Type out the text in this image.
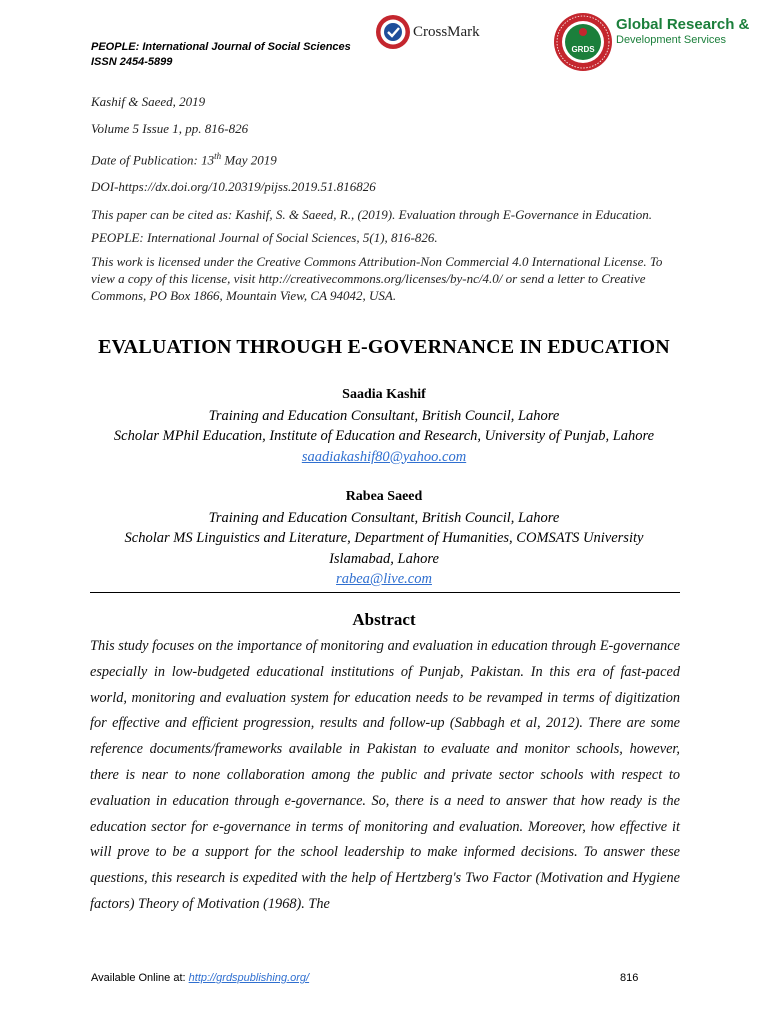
PEOPLE: International Journal of Social Sciences
ISSN 2454-5899
CrossMark
GRDS
Global Research &
Development Services
Kashif & Saeed, 2019
Volume 5 Issue 1, pp. 816-826
Date of Publication: 13th May 2019
DOI-https://dx.doi.org/10.20319/pijss.2019.51.816826
This paper can be cited as: Kashif, S. & Saeed, R., (2019). Evaluation through E-Governance in Education. PEOPLE: International Journal of Social Sciences, 5(1), 816-826.
This work is licensed under the Creative Commons Attribution-Non Commercial 4.0 International License. To view a copy of this license, visit http://creativecommons.org/licenses/by-nc/4.0/ or send a letter to Creative Commons, PO Box 1866, Mountain View, CA 94042, USA.
EVALUATION THROUGH E-GOVERNANCE IN EDUCATION
Saadia Kashif
Training and Education Consultant, British Council, Lahore
Scholar MPhil Education, Institute of Education and Research, University of Punjab, Lahore
saadiakashif80@yahoo.com
Rabea Saeed
Training and Education Consultant, British Council, Lahore
Scholar MS Linguistics and Literature, Department of Humanities, COMSATS University Islamabad, Lahore
rabea@live.com
Abstract
This study focuses on the importance of monitoring and evaluation in education through E-governance especially in low-budgeted educational institutions of Punjab, Pakistan. In this era of fast-paced world, monitoring and evaluation system for education needs to be revamped in terms of digitization for effective and efficient progression, results and follow-up (Sabbagh et al, 2012). There are some reference documents/frameworks available in Pakistan to evaluate and monitor schools, however, there is near to none collaboration among the public and private sector schools with respect to evaluation in education through e-governance. So, there is a need to answer that how ready is the education sector for e-governance in terms of monitoring and evaluation. Moreover, how effective it will prove to be a support for the school leadership to make informed decisions. To answer these questions, this research is expedited with the help of Hertzberg's Two Factor (Motivation and Hygiene factors) Theory of Motivation (1968). The
Available Online at: http://grdspublishing.org/	816
